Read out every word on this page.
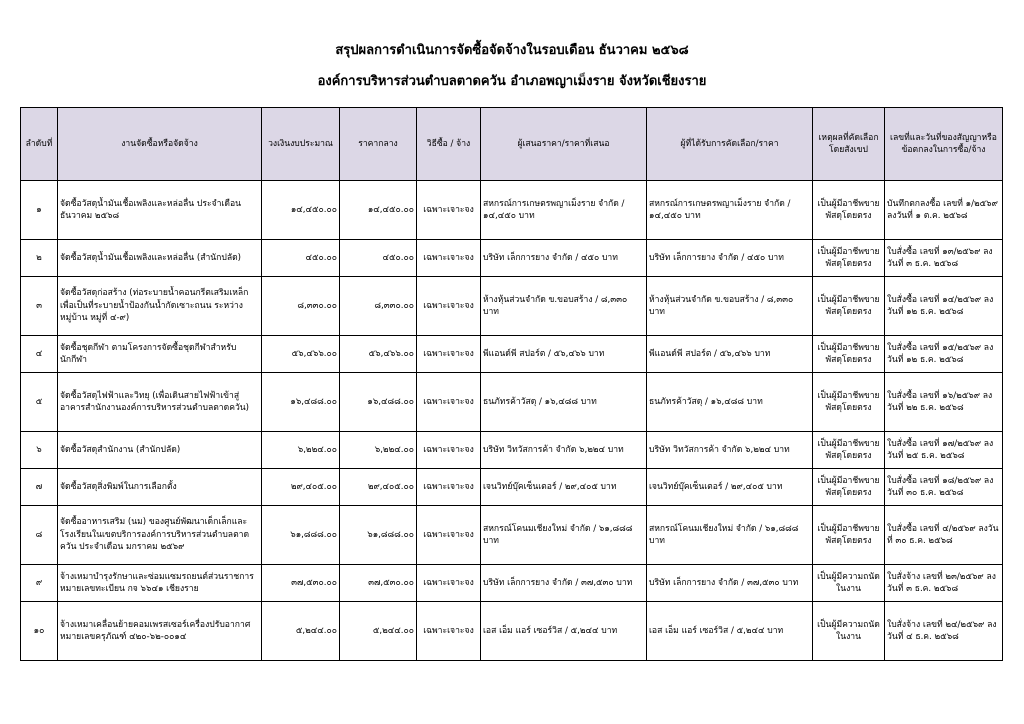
สรุปผลการดำเนินการจัดซื้อจัดจ้างในรอบเดือน ธันวาคม ๒๕๖๘
องค์การบริหารส่วนตำบลตาดควัน อำเภอพญาเม็งราย จังหวัดเชียงราย
ลำดับที่	งานจัดซื้อหรือจัดจ้าง	วงเงินงบประมาณ	ราคากลาง	วิธีซื้อ / จ้าง	ผู้เสนอราคา/ราคาที่เสนอ	ผู้ที่ได้รับการคัดเลือก/ราคา	เหตุผลที่คัดเลือกโดยสังเขป	เลขที่และวันที่ของสัญญาหรือข้อตกลงในการซื้อ/จ้าง
๑	จัดซื้อวัสดุน้ำมันเชื้อเพลิงและหล่อลื่น ประจำเดือน ธันวาคม ๒๕๖๘	๑๔,๔๕๐.๐๐	๑๔,๔๕๐.๐๐	เฉพาะเจาะจง	สหกรณ์การเกษตรพญาเม็งราย จำกัด / ๑๔,๔๕๐ บาท	สหกรณ์การเกษตรพญาเม็งราย จำกัด / ๑๔,๔๕๐ บาท	เป็นผู้มีอาชีพขายพัสดุโดยตรง	บันทึกตกลงซื้อ เลขที่ ๑/๒๕๖๙ ลงวันที่ ๑ ต.ค. ๒๕๖๘
๒	จัดซื้อวัสดุน้ำมันเชื้อเพลิงและหล่อลื่น (สำนักปลัด)	๔๕๐.๐๐	๔๕๐.๐๐	เฉพาะเจาะจง	บริษัท เล็กการยาง จำกัด / ๔๕๐ บาท	บริษัท เล็กการยาง จำกัด / ๔๕๐ บาท	เป็นผู้มีอาชีพขายพัสดุโดยตรง	ใบสั่งซื้อ เลขที่ ๑๓/๒๕๖๙ ลงวันที่ ๓ ธ.ค. ๒๕๖๘
๓	จัดซื้อวัสดุก่อสร้าง (ท่อระบายน้ำคอนกรีตเสริมเหล็ก เพื่อเป็นที่ระบายน้ำป้องกันน้ำกัดเซาะถนน ระหว่างหมู่บ้าน หมู่ที่ ๔-๙)	๘,๓๓๐.๐๐	๘,๓๓๐.๐๐	เฉพาะเจาะจง	ห้างหุ้นส่วนจำกัด ข.ขอบสร้าง / ๘,๓๓๐ บาท	ห้างหุ้นส่วนจำกัด ข.ขอบสร้าง / ๘,๓๓๐ บาท	เป็นผู้มีอาชีพขายพัสดุโดยตรง	ใบสั่งซื้อ เลขที่ ๑๔/๒๕๖๙ ลงวันที่ ๑๒ ธ.ค. ๒๕๖๘
๔	จัดซื้อชุดกีฬา ตามโครงการจัดซื้อชุดกีฬาสำหรับนักกีฬา	๕๖,๔๖๖.๐๐	๕๖,๔๖๖.๐๐	เฉพาะเจาะจง	พีแอนด์พี สปอร์ต / ๕๖,๔๖๖ บาท	พีแอนด์พี สปอร์ต / ๕๖,๔๖๖ บาท	เป็นผู้มีอาชีพขายพัสดุโดยตรง	ใบสั่งซื้อ เลขที่ ๑๕/๒๕๖๙ ลงวันที่ ๑๒ ธ.ค. ๒๕๖๘
๕	จัดซื้อวัสดุไฟฟ้าและวิทยุ (เพื่อเดินสายไฟฟ้าเข้าสู่อาคารสำนักงานองค์การบริหารส่วนตำบลตาดควัน)	๑๖,๔๘๘.๐๐	๑๖,๔๘๘.๐๐	เฉพาะเจาะจง	ธนภัทรค้าวัสดุ / ๑๖,๔๘๘ บาท	ธนภัทรค้าวัสดุ / ๑๖,๔๘๘ บาท	เป็นผู้มีอาชีพขายพัสดุโดยตรง	ใบสั่งซื้อ เลขที่ ๑๖/๒๕๖๙ ลงวันที่ ๒๒ ธ.ค. ๒๕๖๘
๖	จัดซื้อวัสดุสำนักงาน (สำนักปลัด)	๖,๒๒๔.๐๐	๖,๒๒๔.๐๐	เฉพาะเจาะจง	บริษัท วิทวัสการค้า จำกัด ๖,๒๒๔ บาท	บริษัท วิทวัสการค้า จำกัด ๖,๒๒๔ บาท	เป็นผู้มีอาชีพขายพัสดุโดยตรง	ใบสั่งซื้อ เลขที่ ๑๗/๒๕๖๙ ลงวันที่ ๒๕ ธ.ค. ๒๕๖๘
๗	จัดซื้อวัสดุสิ่งพิมพ์ในการเลือกตั้ง	๒๙,๔๐๕.๐๐	๒๙,๔๐๕.๐๐	เฉพาะเจาะจง	เจนวิทย์บุ๊คเซ็นเตอร์ / ๒๙,๔๐๕ บาท	เจนวิทย์บุ๊คเซ็นเตอร์ / ๒๙,๔๐๕ บาท	เป็นผู้มีอาชีพขายพัสดุโดยตรง	ใบสั่งซื้อ เลขที่ ๑๘/๒๕๖๙ ลงวันที่ ๓๐ ธ.ค. ๒๕๖๘
๘	จัดซื้ออาหารเสริม (นม) ของศูนย์พัฒนาเด็กเล็กและโรงเรียนในเขตบริการองค์การบริหารส่วนตำบลตาดควัน ประจำเดือน มกราคม ๒๕๖๙	๖๑,๘๘๘.๐๐	๖๑,๘๘๘.๐๐	เฉพาะเจาะจง	สหกรณ์โคนมเชียงใหม่ จำกัด / ๖๑,๘๘๘ บาท	สหกรณ์โคนมเชียงใหม่ จำกัด / ๖๑,๘๘๘ บาท	เป็นผู้มีอาชีพขายพัสดุโดยตรง	ใบสั่งซื้อ เลขที่ ๔/๒๕๖๙ ลงวันที่ ๓๐ ธ.ค. ๒๕๖๘
๙	จ้างเหมาบำรุงรักษาและซ่อมแซมรถยนต์ส่วนราชการ หมายเลขทะเบียน กจ ๖๖๔๑ เชียงราย	๓๗,๕๓๐.๐๐	๓๗,๕๓๐.๐๐	เฉพาะเจาะจง	บริษัท เล็กการยาง จำกัด / ๓๗,๕๓๐ บาท	บริษัท เล็กการยาง จำกัด / ๓๗,๕๓๐ บาท	เป็นผู้มีความถนัดในงาน	ใบสั่งจ้าง เลขที่ ๒๓/๒๕๖๙ ลงวันที่ ๓ ธ.ค. ๒๕๖๘
๑๐	จ้างเหมาเคลื่อนย้ายคอมเพรสเซอร์เครื่องปรับอากาศ หมายเลขครุภัณฑ์ ๔๒๐-๖๒-๐๐๑๔	๕,๒๔๔.๐๐	๕,๒๔๔.๐๐	เฉพาะเจาะจง	เอส เอ็ม แอร์ เซอร์วิส / ๕,๒๔๔ บาท	เอส เอ็ม แอร์ เซอร์วิส / ๕,๒๔๔ บาท	เป็นผู้มีความถนัดในงาน	ใบสั่งจ้าง เลขที่ ๒๔/๒๕๖๙ ลงวันที่ ๔ ธ.ค. ๒๕๖๘
